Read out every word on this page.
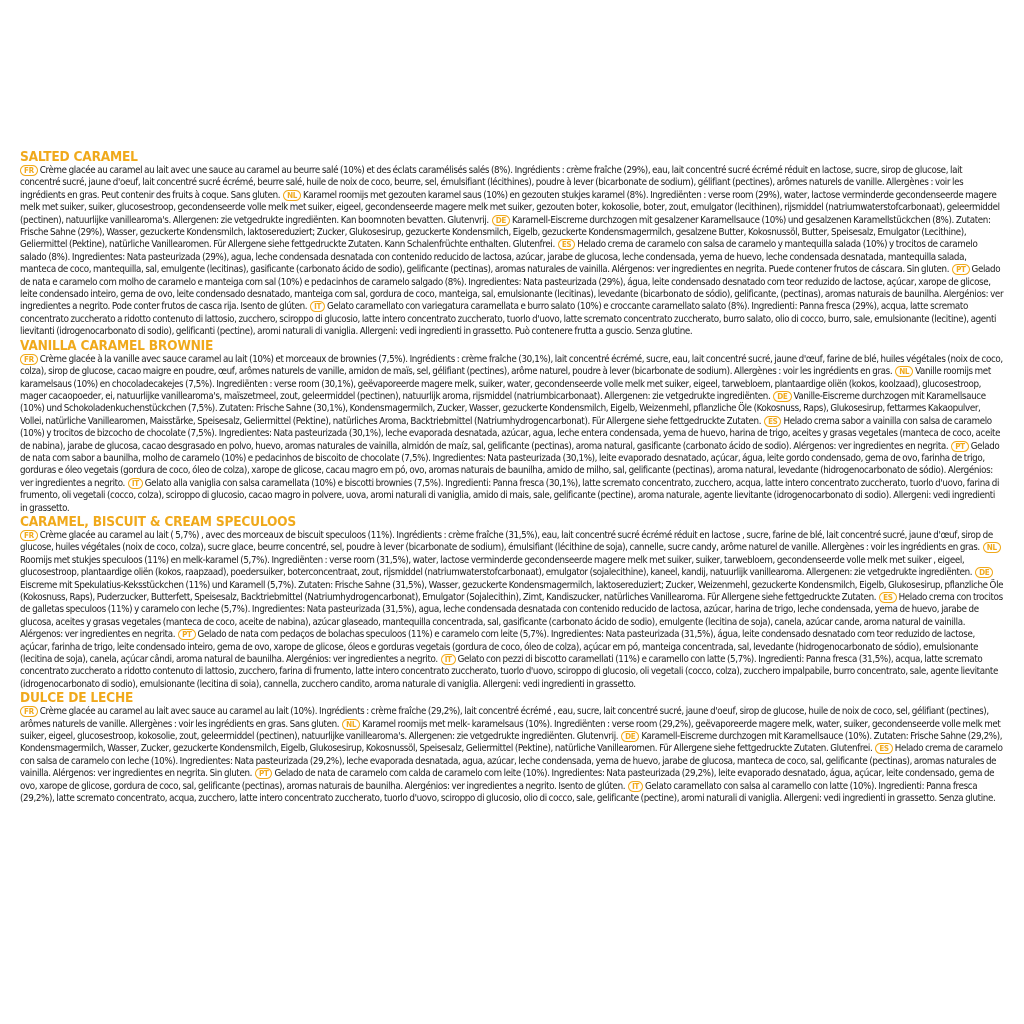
SALTED CARAMEL

FR Crème glacée au caramel au lait avec une sauce au caramel au beurre salé (10%) et des éclats caramélisés salés (8%). Ingrédients : crème fraîche (29%), eau, lait concentré sucré écrémé réduit en lactose, sucre, sirop de glucose, lait concentré sucré, jaune d'oeuf, lait concentré sucré écrémé, beurre salé, huile de noix de coco, beurre, sel, émulsifiant (lécithines), poudre à lever (bicarbonate de sodium), gélifiant (pectines), arômes naturels de vanille. Allergènes : voir les ingrédients en gras. Peut contenir des fruits à coque. Sans gluten. NL Karamel roomijs met gezouten karamel saus (10%) en gezouten stukjes karamel (8%). Ingrediënten : verse room (29%), water, lactose verminderde gecondenseerde magere melk met suiker, suiker, glucosestroop, gecondenseerde volle melk met suiker, eigeel, gecondenseerde magere melk met suiker, gezouten boter, kokosolie, boter, zout, emulgator (lecithinen), rijsmiddel (natriumwaterstofcarbonaat), geleermiddel (pectinen), natuurlijke vanillearoma's. Allergenen: zie vetgedrukte ingrediënten. Kan boomnoten bevatten. Glutenvrij. DE Karamell-Eiscreme durchzogen mit gesalzener Karamellsauce (10%) und gesalzenen Karamellstückchen (8%). Zutaten: Frische Sahne (29%), Wasser, gezuckerte Kondensmilch, laktosereduziert; Zucker, Glukosesirup, gezuckerte Kondensmilch, Eigelb, gezuckerte Kondensmagermilch, gesalzene Butter, Kokosnussöl, Butter, Speisesalz, Emulgator (Lecithine), Geliermittel (Pektine), natürliche Vanillearomen. Für Allergene siehe fettgedruckte Zutaten. Kann Schalenfrüchte enthalten. Glutenfrei. ES Helado crema de caramelo con salsa de caramelo y mantequilla salada (10%) y trocitos de caramelo salado (8%). Ingredientes: Nata pasteurizada (29%), agua, leche condensada desnatada con contenido reducido de lactosa, azúcar, jarabe de glucosa, leche condensada, yema de huevo, leche condensada desnatada, mantequilla salada, manteca de coco, mantequilla, sal, emulgente (lecitinas), gasificante (carbonato ácido de sodio), gelificante (pectinas), aromas naturales de vainilla. Alérgenos: ver ingredientes en negrita. Puede contener frutos de cáscara. Sin gluten. PT Gelado de nata e caramelo com molho de caramelo e manteiga com sal (10%) e pedacinhos de caramelo salgado (8%). Ingredientes: Nata pasteurizada (29%), água, leite condensado desnatado com teor reduzido de lactose, açúcar, xarope de glicose, leite condensado inteiro, gema de ovo, leite condensado desnatado, manteiga com sal, gordura de coco, manteiga, sal, emulsionante (lecitinas), levedante (bicarbonato de sódio), gelificante, (pectinas), aromas naturais de baunilha. Alergénios: ver ingredientes a negrito. Pode conter frutos de casca rija. Isento de glúten. IT Gelato caramellato con variegatura caramellata e burro salato (10%) e croccante caramellato salato (8%). Ingredienti: Panna fresca (29%), acqua, latte scremato concentrato zuccherato a ridotto contenuto di lattosio, zucchero, sciroppo di glucosio, latte intero concentrato zuccherato, tuorlo d'uovo, latte scremato concentrato zuccherato, burro salato, olio di cocco, burro, sale, emulsionante (lecitine), agenti lievitanti (idrogenocarbonato di sodio), gelificanti (pectine), aromi naturali di vaniglia. Allergeni: vedi ingredienti in grassetto. Può contenere frutta a guscio. Senza glutine.

VANILLA CARAMEL BROWNIE

FR Crème glacée à la vanille avec sauce caramel au lait (10%) et morceaux de brownies (7,5%). Ingrédients : crème fraîche (30,1%), lait concentré écrémé, sucre, eau, lait concentré sucré, jaune d'œuf, farine de blé, huiles végétales (noix de coco, colza), sirop de glucose, cacao maigre en poudre, œuf, arômes naturels de vanille, amidon de maïs, sel, gélifiant (pectines), arôme naturel, poudre à lever (bicarbonate de sodium). Allergènes : voir les ingrédients en gras. NL Vanille roomijs met karamelsaus (10%) en chocoladecakejes (7,5%). Ingrediënten : verse room (30,1%), geëvaporeerde magere melk, suiker, water, gecondenseerde volle melk met suiker, eigeel, tarwebloem, plantaardige oliën (kokos, koolzaad), glucosestroop, mager cacaopoeder, ei, natuurlijke vanillearoma's, maïszetmeel, zout, geleermiddel (pectinen), natuurlijk aroma, rijsmiddel (natriumbicarbonaat). Allergenen: zie vetgedrukte ingrediënten. DE Vanille-Eiscreme durchzogen mit Karamellsauce (10%) und Schokoladenkuchenstückchen (7,5%). Zutaten: Frische Sahne (30,1%), Kondensmagermilch, Zucker, Wasser, gezuckerte Kondensmilch, Eigelb, Weizenmehl, pflanzliche Öle (Kokosnuss, Raps), Glukosesirup, fettarmes Kakaopulver, Vollei, natürliche Vanillearomen, Maisstärke, Speisesalz, Geliermittel (Pektine), natürliches Aroma, Backtriebmittel (Natriumhydrogencarbonat). Für Allergene siehe fettgedruckte Zutaten. ES Helado crema sabor a vainilla con salsa de caramelo (10%) y trocitos de bizcocho de chocolate (7,5%). Ingredientes: Nata pasteurizada (30,1%), leche evaporada desnatada, azúcar, agua, leche entera condensada, yema de huevo, harina de trigo, aceites y grasas vegetales (manteca de coco, aceite de nabina), jarabe de glucosa, cacao desgrasado en polvo, huevo, aromas naturales de vainilla, almidón de maíz, sal, gelificante (pectinas), aroma natural, gasificante (carbonato ácido de sodio). Alérgenos: ver ingredientes en negrita. PT Gelado de nata com sabor a baunilha, molho de caramelo (10%) e pedacinhos de biscoito de chocolate (7,5%). Ingredientes: Nata pasteurizada (30,1%), leite evaporado desnatado, açúcar, água, leite gordo condensado, gema de ovo, farinha de trigo, gorduras e óleo vegetais (gordura de coco, óleo de colza), xarope de glicose, cacau magro em pó, ovo, aromas naturais de baunilha, amido de milho, sal, gelificante (pectinas), aroma natural, levedante (hidrogenocarbonato de sódio). Alergénios: ver ingredientes a negrito. IT Gelato alla vaniglia con salsa caramellata (10%) e biscotti brownies (7,5%). Ingredienti: Panna fresca (30,1%), latte scremato concentrato, zucchero, acqua, latte intero concentrato zuccherato, tuorlo d'uovo, farina di frumento, oli vegetali (cocco, colza), sciroppo di glucosio, cacao magro in polvere, uova, aromi naturali di vaniglia, amido di mais, sale, gelificante (pectine), aroma naturale, agente lievitante (idrogenocarbonato di sodio). Allergeni: vedi ingredienti in grassetto.

CARAMEL, BISCUIT & CREAM SPECULOOS

FR Crème glacée au caramel au lait ( 5,7%) , avec des morceaux de biscuit speculoos (11%). Ingrédients : crème fraîche (31,5%), eau, lait concentré sucré écrémé réduit en lactose , sucre, farine de blé, lait concentré sucré, jaune d'œuf, sirop de glucose, huiles végétales (noix de coco, colza), sucre glace, beurre concentré, sel, poudre à lever (bicarbonate de sodium), émulsifiant (lécithine de soja), cannelle, sucre candy, arôme naturel de vanille. Allergènes : voir les ingrédients en gras. NLRoomijs met stukjes speculoos (11%) en melk-karamel (5,7%). Ingrediënten : verse room (31,5%), water, lactose verminderde gecondenseerde magere melk met suiker, suiker, tarwebloem, gecondenseerde volle melk met suiker , eigeel, glucosestroop, plantaardige oliën (kokos, raapzaad), poedersuiker, boterconcentraat, zout, rijsmiddel (natriumwaterstofcarbonaat), emulgator (sojalecithine), kaneel, kandij, natuurlijk vanillearoma. Allergenen: zie vetgedrukte ingrediënten. DEEiscreme mit Spekulatius-Keksstückchen (11%) und Karamell (5,7%). Zutaten: Frische Sahne (31,5%), Wasser, gezuckerte Kondensmagermilch, laktosereduziert; Zucker, Weizenmehl, gezuckerte Kondensmilch, Eigelb, Glukosesirup, pflanzliche Öle (Kokosnuss, Raps), Puderzucker, Butterfett, Speisesalz, Backtriebmittel (Natriumhydrogencarbonat), Emulgator (Sojalecithin), Zimt, Kandiszucker, natürliches Vanillearoma. Für Allergene siehe fettgedruckte Zutaten. ES Helado crema con trocitos de galletas speculoos (11%) y caramelo con leche (5,7%). Ingredientes: Nata pasteurizada (31,5%), agua, leche condensada desnatada con contenido reducido de lactosa, azúcar, harina de trigo, leche condensada, yema de huevo, jarabe de glucosa, aceites y grasas vegetales (manteca de coco, aceite de nabina), azúcar glaseado, mantequilla concentrada, sal, gasificante (carbonato ácido de sodio), emulgente (lecitina de soja), canela, azúcar cande, aroma natural de vainilla. Alérgenos: ver ingredientes en negrita. PT Gelado de nata com pedaços de bolachas speculoos (11%) e caramelo com leite (5,7%). Ingredientes: Nata pasteurizada (31,5%), água, leite condensado desnatado com teor reduzido de lactose, açúcar, farinha de trigo, leite condensado inteiro, gema de ovo, xarope de glicose, óleos e gorduras vegetais (gordura de coco, óleo de colza), açúcar em pó, manteiga concentrada, sal, levedante (hidrogenocarbonato de sódio), emulsionante (lecitina de soja), canela, açúcar cândi, aroma natural de baunilha. Alergénios: ver ingredientes a negrito. IT Gelato con pezzi di biscotto caramellati (11%) e caramello con latte (5,7%). Ingredienti: Panna fresca (31,5%), acqua, latte scremato concentrato zuccherato a ridotto contenuto di lattosio, zucchero, farina di frumento, latte intero concentrato zuccherato, tuorlo d'uovo, sciroppo di glucosio, oli vegetali (cocco, colza), zucchero impalpabile, burro concentrato, sale, agente lievitante (idrogenocarbonato di sodio), emulsionante (lecitina di soia), cannella, zucchero candito, aroma naturale di vaniglia. Allergeni: vedi ingredienti in grassetto.

DULCE DE LECHE

FR Crème glacée au caramel au lait avec sauce au caramel au lait (10%). Ingrédients : crème fraîche (29,2%), lait concentré écrémé , eau, sucre, lait concentré sucré, jaune d'oeuf, sirop de glucose, huile de noix de coco, sel, gélifiant (pectines), arômes naturels de vanille. Allergènes : voir les ingrédients en gras. Sans gluten. NL Karamel roomijs met melk- karamelsaus (10%). Ingrediënten : verse room (29,2%), geëvaporeerde magere melk, water, suiker, gecondenseerde volle melk met suiker, eigeel, glucosestroop, kokosolie, zout, geleermiddel (pectinen), natuurlijke vanillearoma's. Allergenen: zie vetgedrukte ingrediënten. Glutenvrij. DE Karamell-Eiscreme durchzogen mit Karamellsauce (10%). Zutaten: Frische Sahne (29,2%), Kondensmagermilch, Wasser, Zucker, gezuckerte Kondensmilch, Eigelb, Glukosesirup, Kokosnussöl, Speisesalz, Geliermittel (Pektine), natürliche Vanillearomen. Für Allergene siehe fettgedruckte Zutaten. Glutenfrei. ES Helado crema de caramelo con salsa de caramelo con leche (10%). Ingredientes: Nata pasteurizada (29,2%), leche evaporada desnatada, agua, azúcar, leche condensada, yema de huevo, jarabe de glucosa, manteca de coco, sal, gelificante (pectinas), aromas naturales de vainilla. Alérgenos: ver ingredientes en negrita. Sin gluten. PT Gelado de nata de caramelo com calda de caramelo com leite (10%). Ingredientes: Nata pasteurizada (29,2%), leite evaporado desnatado, água, açúcar, leite condensado, gema de ovo, xarope de glicose, gordura de coco, sal, gelificante (pectinas), aromas naturais de baunilha. Alergénios: ver ingredientes a negrito. Isento de glúten. IT Gelato caramellato con salsa al caramello con latte (10%). Ingredienti: Panna fresca (29,2%), latte scremato concentrato, acqua, zucchero, latte intero concentrato zuccherato, tuorlo d'uovo, sciroppo di glucosio, olio di cocco, sale, gelificante (pectine), aromi naturali di vaniglia. Allergeni: vedi ingredienti in grassetto. Senza glutine.
